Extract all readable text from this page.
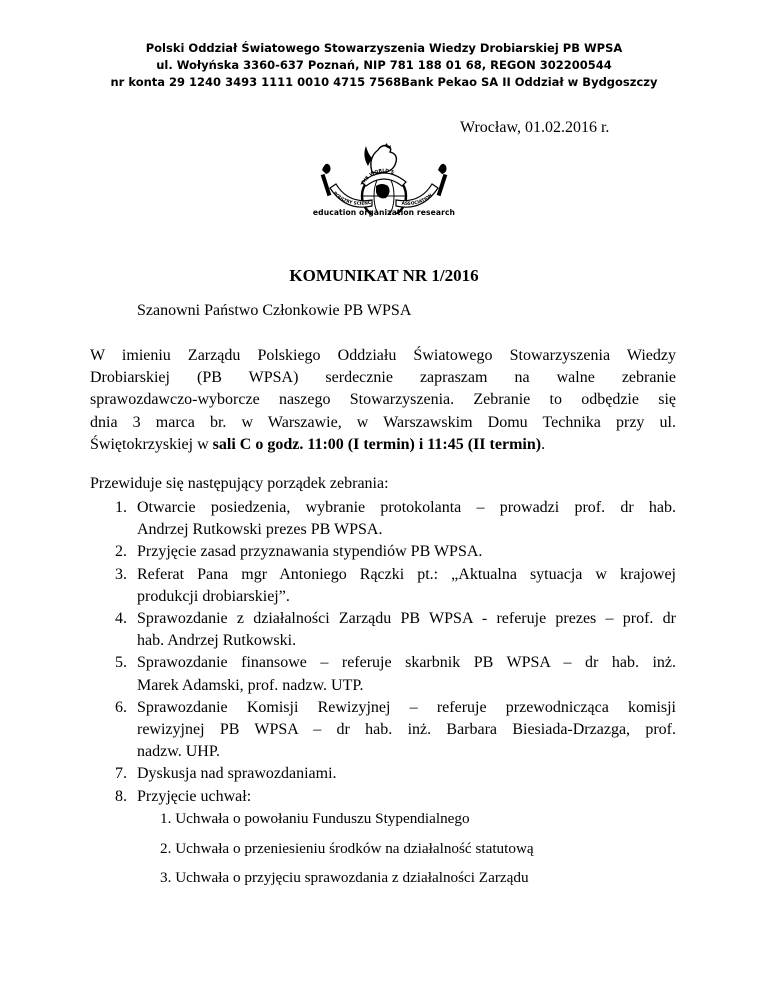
Polski Oddział Światowego Stowarzyszenia Wiedzy Drobiarskiej PB WPSA
ul. Wołyńska 3360-637 Poznań, NIP 781 188 01 68, REGON 302200544
nr konta 29 1240 3493 1111 0010 4715 7568Bank Pekao SA II Oddział w Bydgoszczy
Wrocław, 01.02.2016 r.
THE WORLD'S
POULTRY SCIENC	ASSOCIATION
education organization research
KOMUNIKAT NR 1/2016
Szanowni Państwo Członkowie PB WPSA
W imieniu Zarządu Polskiego Oddziału Światowego Stowarzyszenia Wiedzy
Drobiarskiej (PB WPSA) serdecznie zapraszam na walne zebranie
sprawozdawczo-wyborcze naszego Stowarzyszenia. Zebranie to odbędzie się
dnia 3 marca br. w Warszawie, w Warszawskim Domu Technika przy ul.
Świętokrzyskiej w sali C o godz. 11:00 (I termin) i 11:45 (II termin).
Przewiduje się następujący porządek zebrania:
1. Otwarcie posiedzenia, wybranie protokolanta – prowadzi prof. dr hab.
Andrzej Rutkowski prezes PB WPSA.
2. Przyjęcie zasad przyznawania stypendiów PB WPSA.
3. Referat Pana mgr Antoniego Rączki pt.: „Aktualna sytuacja w krajowej
produkcji drobiarskiej”.
4. Sprawozdanie z działalności Zarządu PB WPSA - referuje prezes – prof. dr
hab. Andrzej Rutkowski.
5. Sprawozdanie finansowe – referuje skarbnik PB WPSA – dr hab. inż.
Marek Adamski, prof. nadzw. UTP.
6. Sprawozdanie Komisji Rewizyjnej – referuje przewodnicząca komisji
rewizyjnej PB WPSA – dr hab. inż. Barbara Biesiada-Drzazga, prof.
nadzw. UHP.
7. Dyskusja nad sprawozdaniami.
8. Przyjęcie uchwał:
1. Uchwała o powołaniu Funduszu Stypendialnego
2. Uchwała o przeniesieniu środków na działalność statutową
3. Uchwała o przyjęciu sprawozdania z działalności Zarządu
